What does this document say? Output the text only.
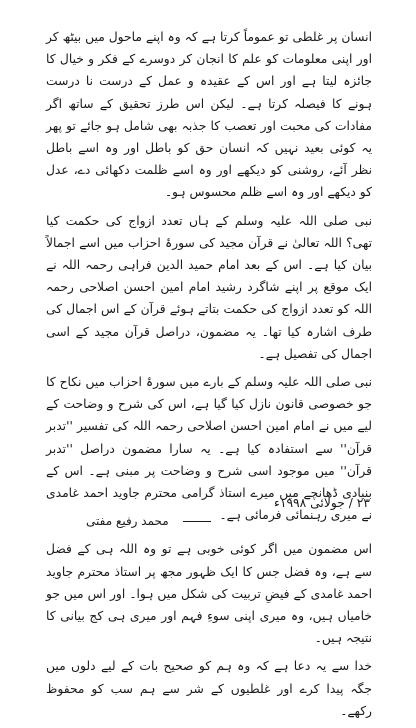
انسان پر غلطی تو عموماً کرتا ہے کہ وہ اپنے ماحول میں بیٹھ کر اور اپنی معلومات کو علم کا انجان کر دوسرے کے فکر و خیال کا جائزہ لیتا ہے اور اس کے عقیدہ و عمل کے درست نا درست ہونے کا فیصلہ کرتا ہے۔ لیکن اس طرز تحقیق کے ساتھ اگر مفادات کی محبت اور تعصب کا جذبہ بھی شامل ہو جائے تو پھر یہ کوئی بعید نہیں کہ انسان حق کو باطل اور وہ اسے باطل نظر آئے، روشنی کو دیکھے اور وہ اسے ظلمت دکھائی دے، عدل کو دیکھے اور وہ اسے ظلم محسوس ہو۔

نبی صلی اللہ علیہ وسلم کے ہاں تعدد ازواج کی حکمت کیا تھی؟ اللہ تعالیٰ نے قرآن مجید کی سورۂ احزاب میں اسے اجمالاً بیان کیا ہے۔ اس کے بعد امام حمید الدین فراہی رحمہ اللہ نے ایک موقع پر اپنے شاگرد رشید امام امین احسن اصلاحی رحمہ اللہ کو تعدد ازواج کی حکمت بتاتے ہوئے قرآن کے اس اجمال کی طرف اشارہ کیا تھا۔ یہ مضمون، دراصل قرآن مجید کے اسی اجمال کی تفصیل ہے۔

نبی صلی اللہ علیہ وسلم کے بارے میں سورۂ احزاب میں نکاح کا جو خصوصی قانون نازل کیا گیا ہے، اس کی شرح و وضاحت کے لیے میں نے امام امین احسن اصلاحی رحمہ اللہ کی تفسیر ''تدبر قرآن'' سے استفادہ کیا ہے۔ یہ سارا مضمون دراصل ''تدبر قرآن'' میں موجود اسی شرح و وضاحت پر مبنی ہے۔ اس کے بنیادی ڈھانچے میں میرے استاذ گرامی محترم جاوید احمد غامدی نے میری رہنمائی فرمائی ہے۔

اس مضمون میں اگر کوئی خوبی ہے تو وہ اللہ ہی کے فضل سے ہے، وہ فضل جس کا ایک ظہور مجھ پر استاذ محترم جاوید احمد غامدی کے فیضِ تربیت کی شکل میں ہوا۔ اور اس میں جو خامیاں ہیں، وہ میری اپنی سوءِ فہم اور میری ہی کج بیانی کا نتیجہ ہیں۔

خدا سے یہ دعا ہے کہ وہ ہم کو صحیح بات کے لیے دلوں میں جگہ پیدا کرے اور غلطیوں کے شر سے ہم سب کو محفوظ رکھے۔

۲۳ / جولائی ۱۹۹۸ء
محمد رفیع مفتی
